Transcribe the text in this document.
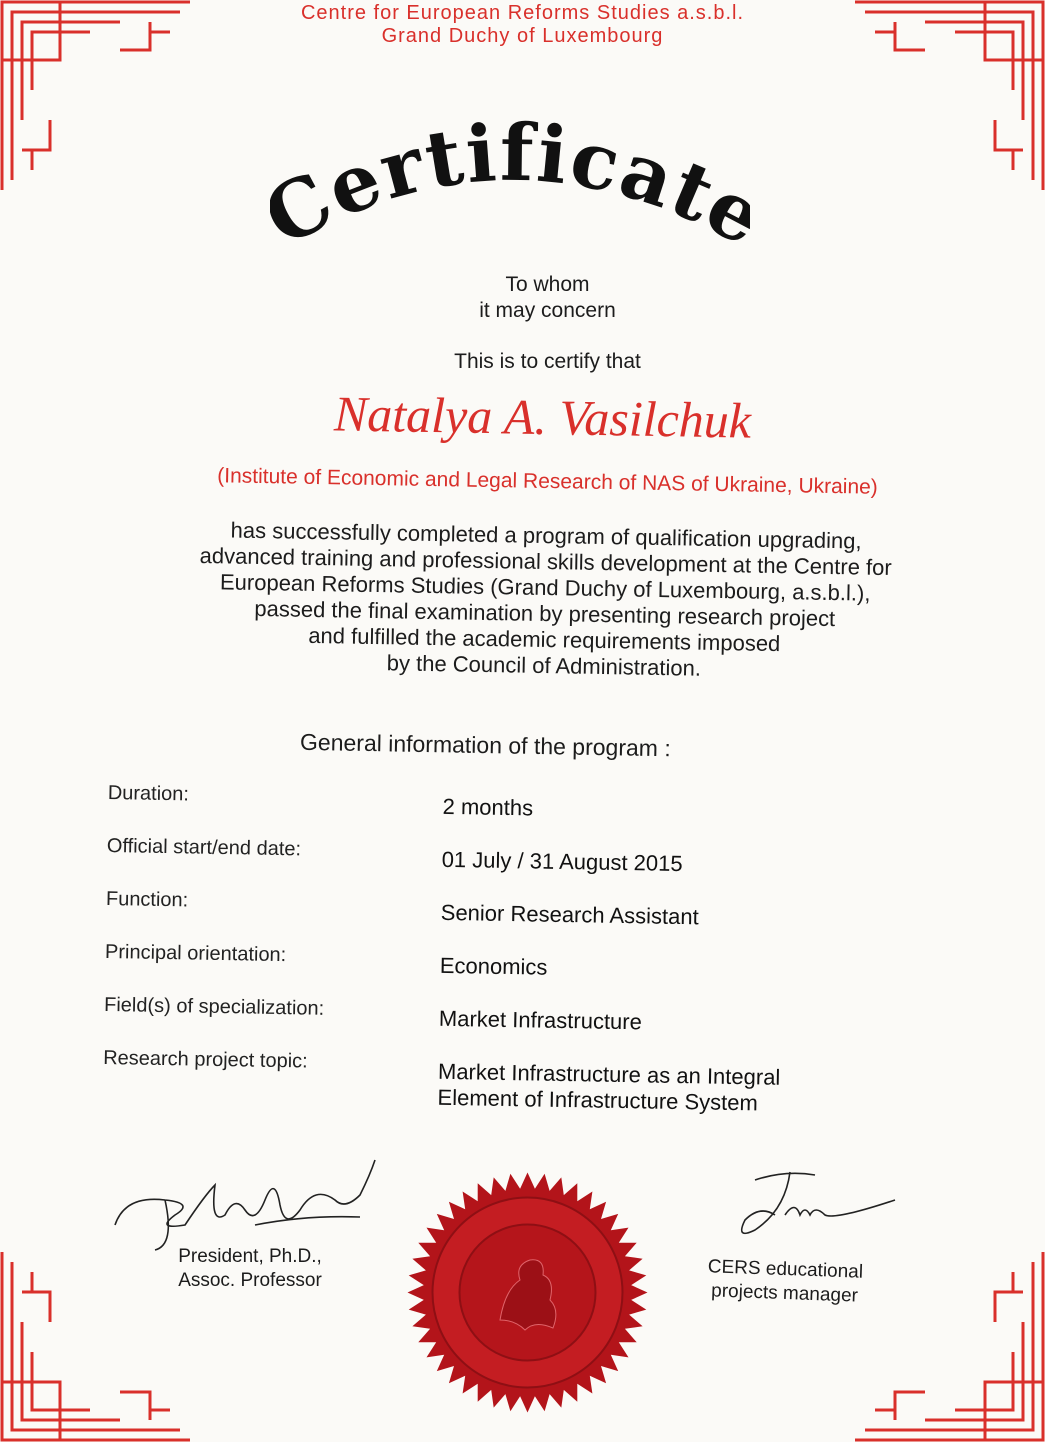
Centre for European Reforms Studies a.s.b.l.
Grand Duchy of Luxembourg
ertificat
To whom
it may concern
This is to certify that
Natalya A. Vasilchuk
(Institute of Economic and Legal Research of NAS of Ukraine, Ukraine)
has successfully completed a program of qualification upgrading,
advanced training and professional skills development at the Centre for
European Reforms Studies (Grand Duchy of Luxembourg, a.s.b.l.),
passed the final examination by presenting research project
and fulfilled the academic requirements imposed
by the Council of Administration.
General information of the program :
Duration:
2 months
Official start/end date:	01 July / 31 August 2015
Function:
Senior Research Assistant
Principal orientation:	Economics
Field(s) of specialization:	Market Infrastructure
Research project topic:	Market Infrastructure as an Integral
Element of Infrastructure System
President, Ph.D.,
Assoc. Professor	CERS educational
projects manager
